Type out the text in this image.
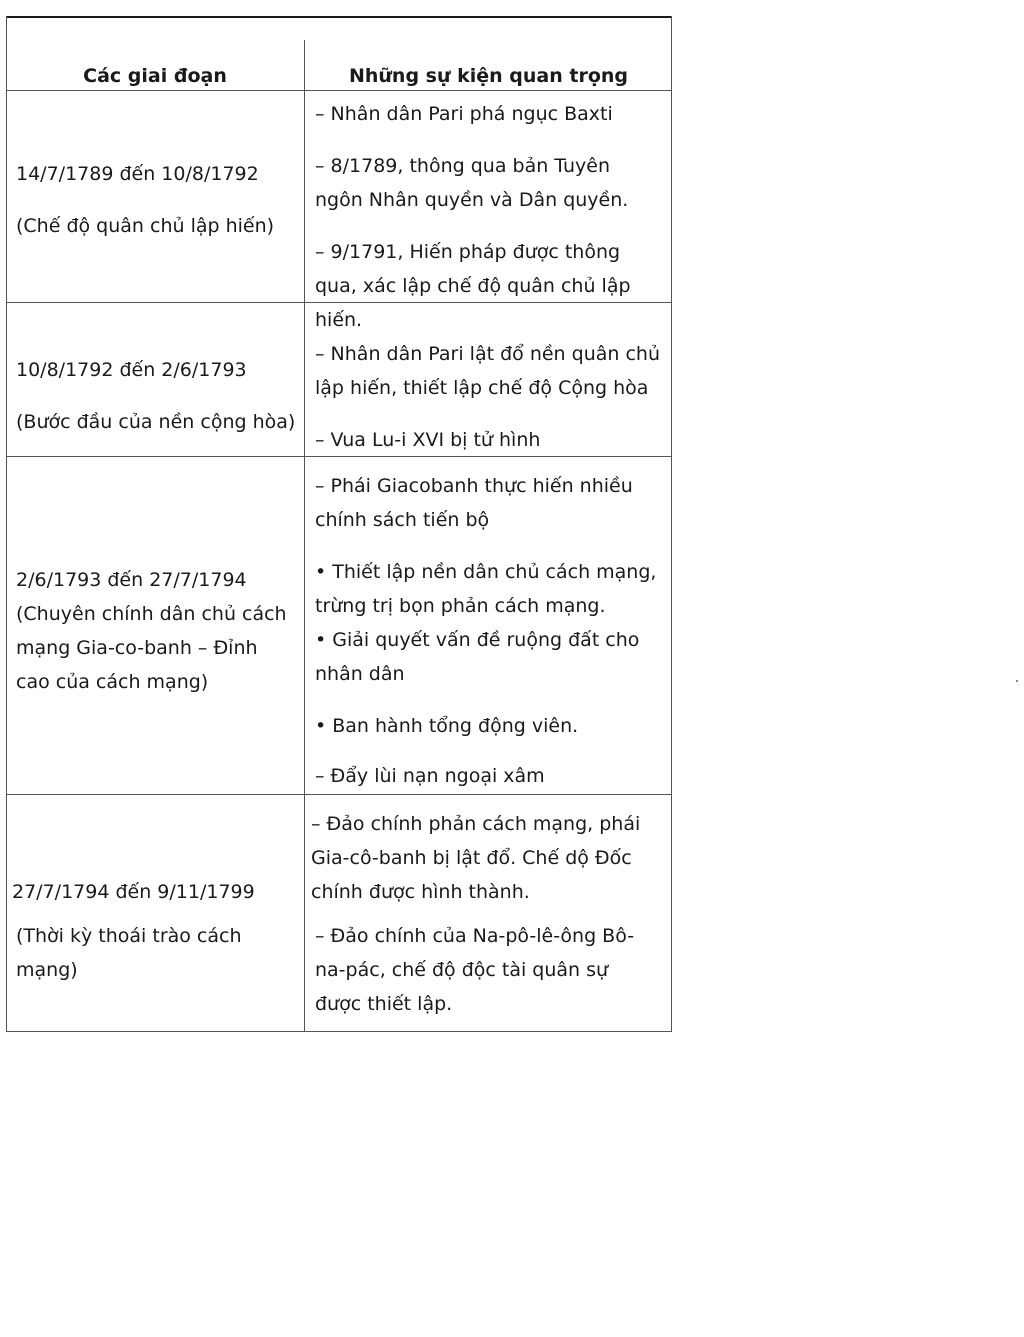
Các giai đoạn	Những sự kiện quan trọng
14/7/1789 đến 10/8/1792
(Chế độ quân chủ lập hiến)
– Nhân dân Pari phá ngục Baxti
– 8/1789, thông qua bản Tuyên ngôn Nhân quyền và Dân quyền.
– 9/1791, Hiến pháp được thông qua, xác lập chế độ quân chủ lập hiến.
10/8/1792 đến 2/6/1793
(Bước đầu của nền cộng hòa)
– Nhân dân Pari lật đổ nền quân chủ lập hiến, thiết lập chế độ Cộng hòa
– Vua Lu-i XVI bị tử hình
2/6/1793 đến 27/7/1794
(Chuyên chính dân chủ cách mạng Gia-co-banh – Đỉnh cao của cách mạng)
– Phái Giacobanh thực hiến nhiều chính sách tiến bộ
• Thiết lập nền dân chủ cách mạng, trừng trị bọn phản cách mạng.
• Giải quyết vấn đề ruộng đất cho nhân dân
• Ban hành tổng động viên.
– Đẩy lùi nạn ngoại xâm
27/7/1794 đến 9/11/1799
(Thời kỳ thoái trào cách mạng)
– Đảo chính phản cách mạng, phái Gia-cô-banh bị lật đổ. Chế dộ Đốc chính được hình thành.
– Đảo chính của Na-pô-lê-ông Bô-na-pác, chế độ độc tài quân sự được thiết lập.
